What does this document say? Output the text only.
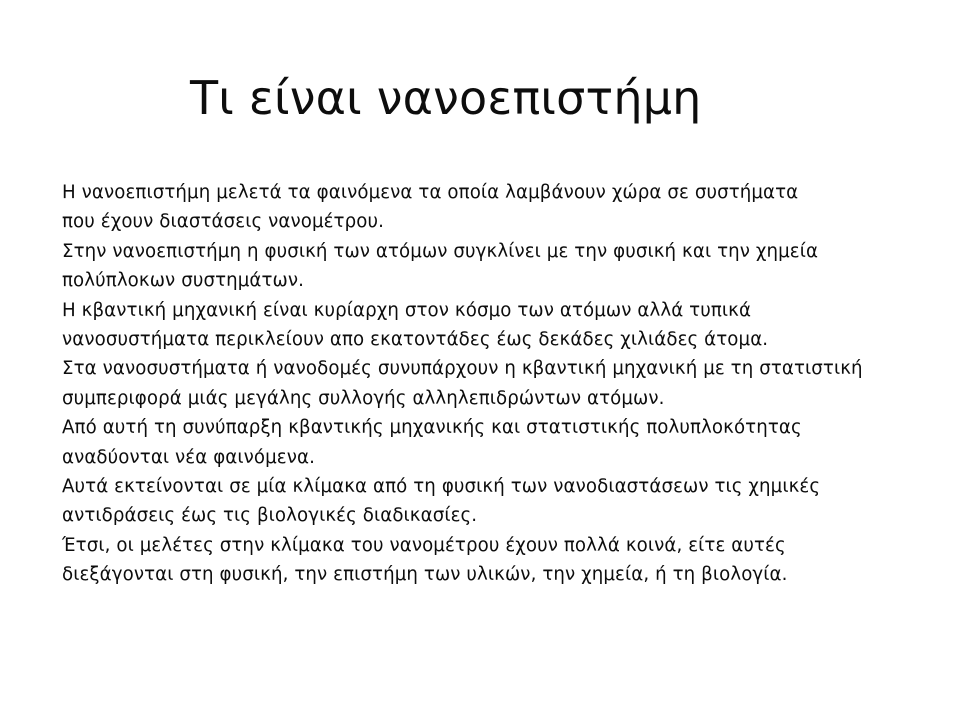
Τι είναι νανοεπιστήμη
Η νανοεπιστήμη μελετά τα φαινόμενα τα οποία λαμβάνουν χώρα σε συστήματα
που έχουν διαστάσεις νανομέτρου.
Στην νανοεπιστήμη η φυσική των ατόμων συγκλίνει με την φυσική και την χημεία
πολύπλοκων συστημάτων.
Η κβαντική μηχανική είναι κυρίαρχη στον κόσμο των ατόμων αλλά τυπικά
νανοσυστήματα περικλείουν απο εκατοντάδες έως δεκάδες χιλιάδες άτομα.
Στα νανοσυστήματα ή νανοδομές συνυπάρχουν η κβαντική μηχανική με τη στατιστική
συμπεριφορά μιάς μεγάλης συλλογής αλληλεπιδρώντων ατόμων.
Από αυτή τη συνύπαρξη κβαντικής μηχανικής και στατιστικής πολυπλοκότητας
αναδύονται νέα φαινόμενα.
Αυτά εκτείνονται σε μία κλίμακα από τη φυσική των νανοδιαστάσεων τις χημικές
αντιδράσεις έως τις βιολογικές διαδικασίες.
Έτσι, οι μελέτες στην κλίμακα του νανομέτρου έχουν πολλά κοινά, είτε αυτές
διεξάγονται στη φυσική, την επιστήμη των υλικών, την χημεία, ή τη βιολογία.
